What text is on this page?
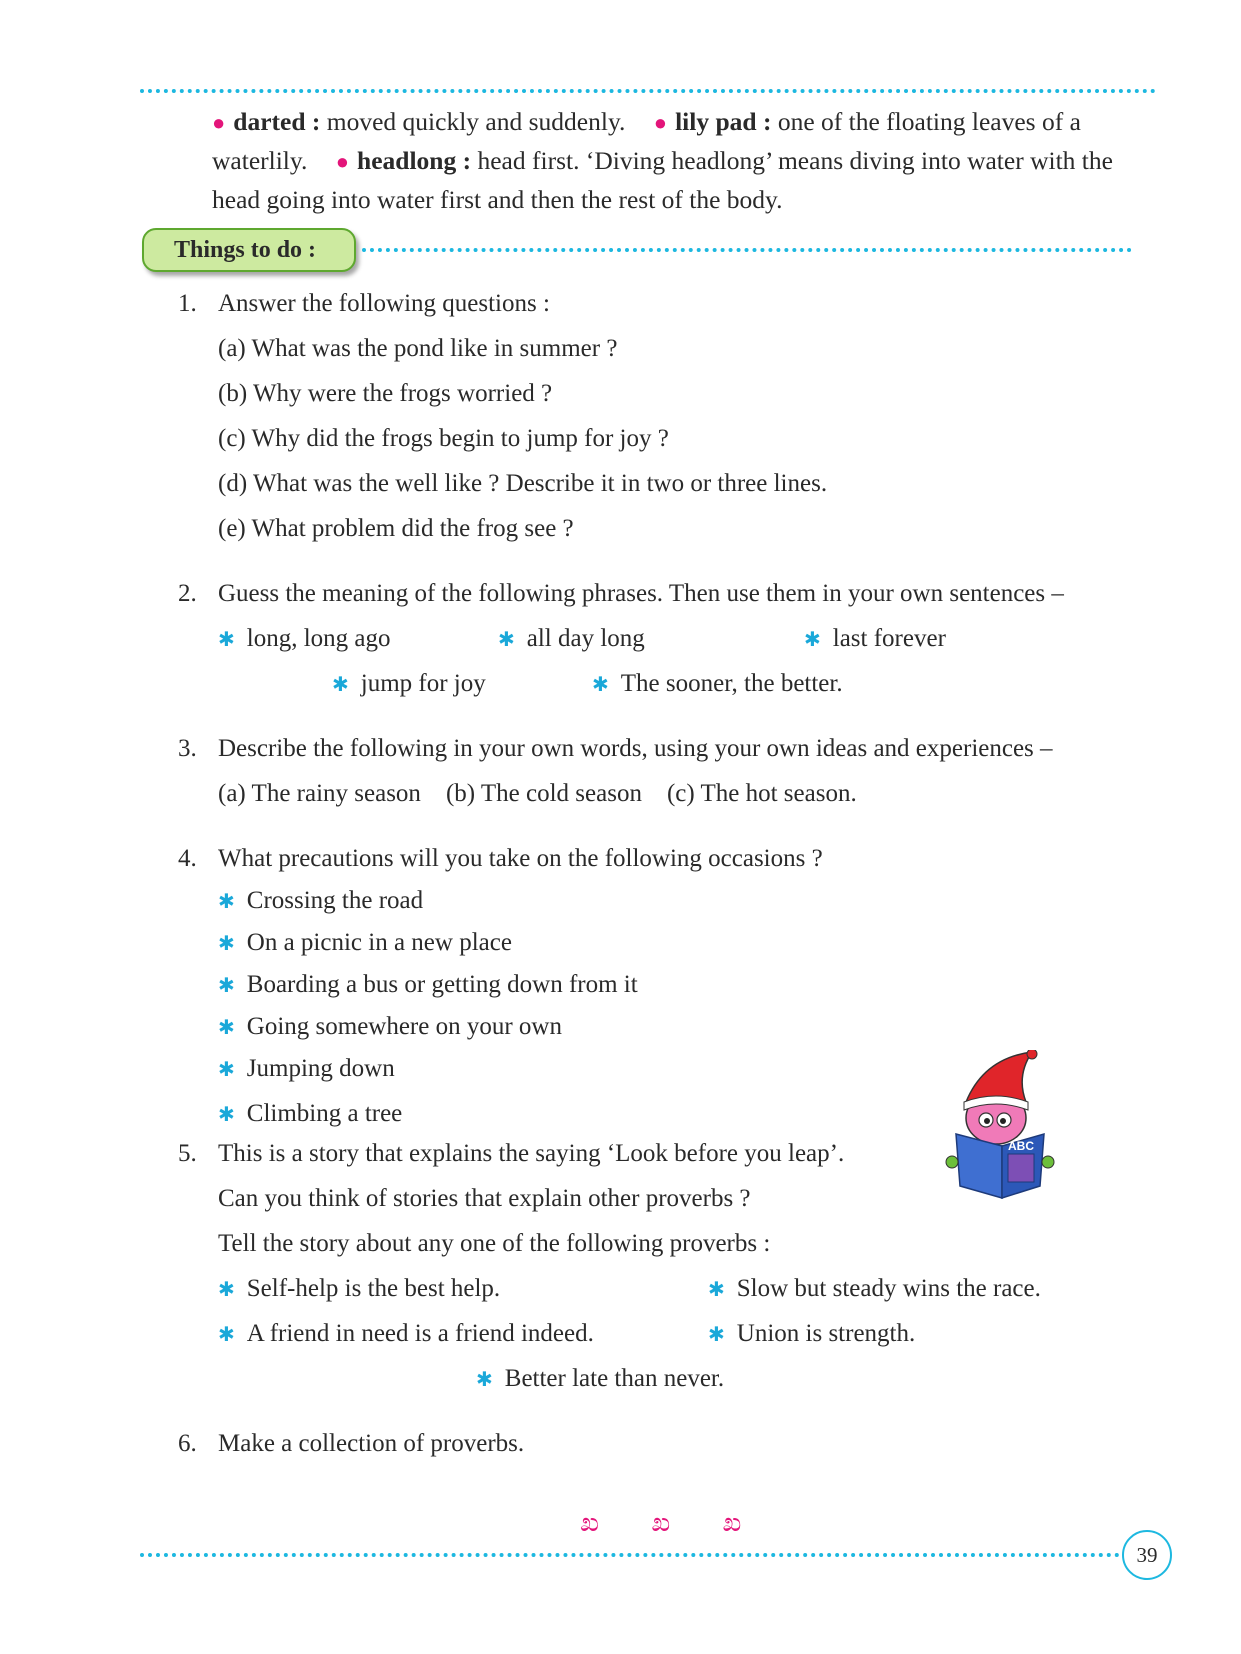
● darted : moved quickly and suddenly. ● lily pad : one of the floating leaves of a waterlily. ● headlong : head first. ‘Diving headlong’ means diving into water with the head going into water first and then the rest of the body.
Things to do :
1. Answer the following questions :
(a) What was the pond like in summer ?
(b) Why were the frogs worried ?
(c) Why did the frogs begin to jump for joy ?
(d) What was the well like ? Describe it in two or three lines.
(e) What problem did the frog see ?
2. Guess the meaning of the following phrases. Then use them in your own sentences –
✱ long, long ago	✱ all day long	✱ last forever
✱ jump for joy	✱ The sooner, the better.
3. Describe the following in your own words, using your own ideas and experiences –
(a) The rainy season (b) The cold season (c) The hot season.
4. What precautions will you take on the following occasions ?
✱ Crossing the road
✱ On a picnic in a new place
✱ Boarding a bus or getting down from it
✱ Going somewhere on your own
✱ Jumping down
✱ Climbing a tree
ABC
5. This is a story that explains the saying ‘Look before you leap’.
Can you think of stories that explain other proverbs ?
Tell the story about any one of the following proverbs :
✱ Self-help is the best help.	✱ Slow but steady wins the race.
✱ A friend in need is a friend indeed.	✱ Union is strength.
✱ Better late than never.
6. Make a collection of proverbs.
ಖ ಖ ಖ
39
